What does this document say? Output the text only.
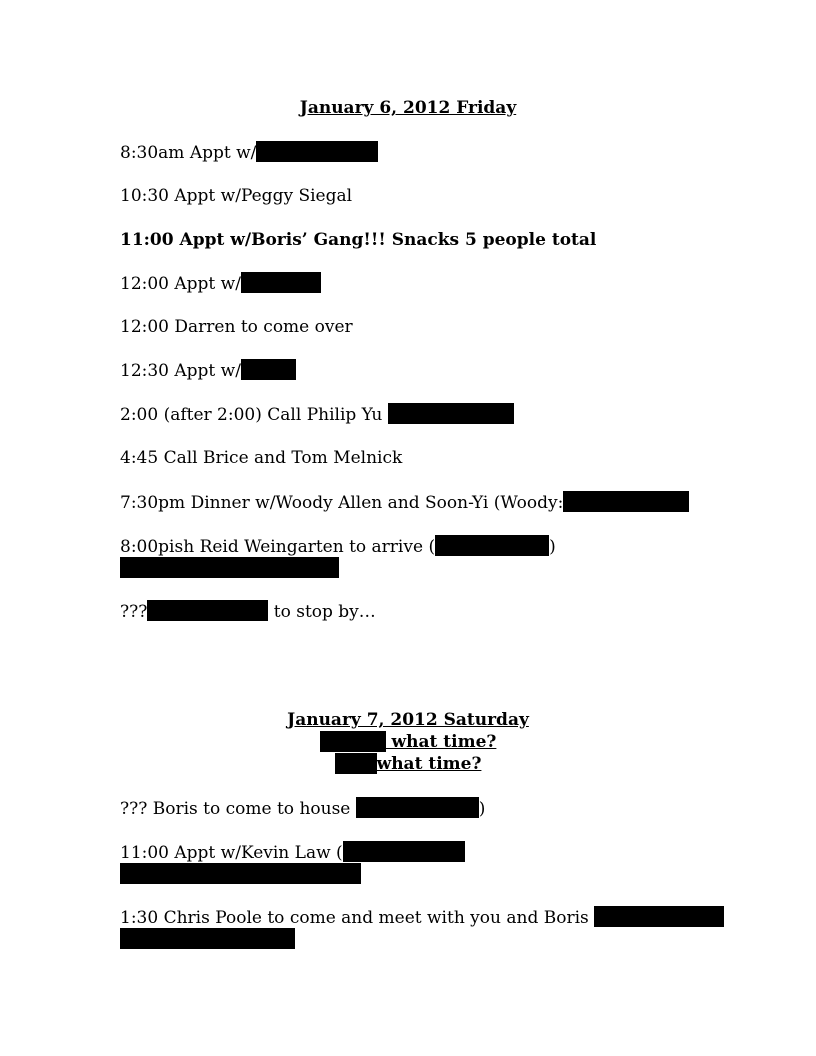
January 6, 2012 Friday
8:30am Appt w/
10:30 Appt w/Peggy Siegal
11:00 Appt w/Boris’ Gang!!! Snacks 5 people total
12:00 Appt w/
12:00 Darren to come over
12:30 Appt w/
2:00 (after 2:00) Call Philip Yu
4:45 Call Brice and Tom Melnick
7:30pm Dinner w/Woody Allen and Soon-Yi (Woody:
8:00pish Reid Weingarten to arrive (	)
???	to stop by…
January 7, 2012 Saturday
what time?
what time?
??? Boris to come to house	)
11:00 Appt w/Kevin Law (
1:30 Chris Poole to come and meet with you and Boris
